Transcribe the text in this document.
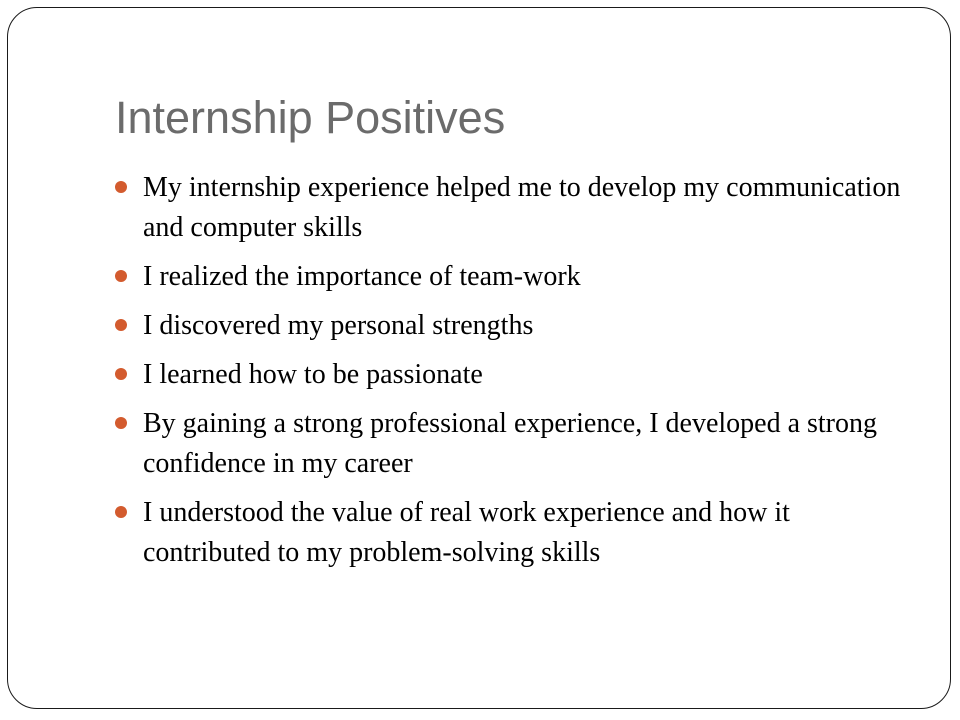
Internship Positives
My internship experience helped me to develop my communication and computer skills
I realized the importance of team-work
I discovered my personal strengths
I learned how to be passionate
By gaining a strong professional experience, I developed a strong confidence in my career
I understood the value of real work experience and how it contributed to my problem-solving skills
